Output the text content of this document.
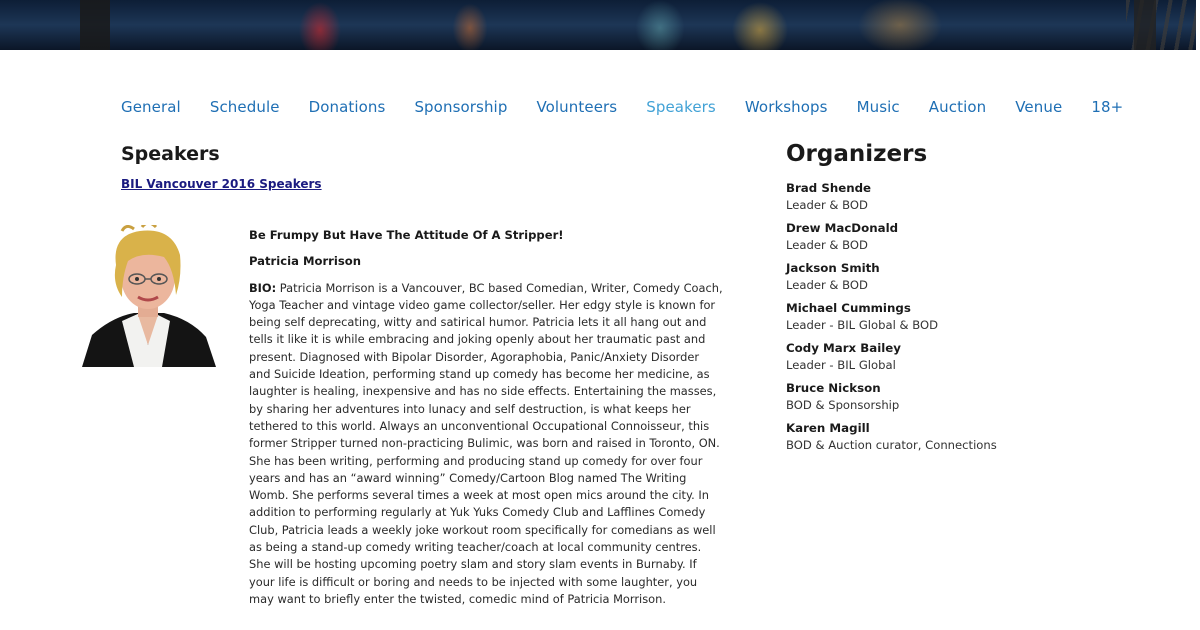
General Schedule Donations Sponsorship Volunteers Speakers Workshops Music Auction Venue 18+
Speakers
BIL Vancouver 2016 Speakers

Be Frumpy But Have The Attitude Of A Stripper!

Patricia Morrison

BIO: Patricia Morrison is a Vancouver, BC based Comedian, Writer, Comedy Coach, Yoga Teacher and vintage video game collector/seller. Her edgy style is known for being self deprecating, witty and satirical humor. Patricia lets it all hang out and tells it like it is while embracing and joking openly about her traumatic past and present. Diagnosed with Bipolar Disorder, Agoraphobia, Panic/Anxiety Disorder and Suicide Ideation, performing stand up comedy has become her medicine, as laughter is healing, inexpensive and has no side effects. Entertaining the masses, by sharing her adventures into lunacy and self destruction, is what keeps her tethered to this world. Always an unconventional Occupational Connoisseur, this former Stripper turned non-practicing Bulimic, was born and raised in Toronto, ON. She has been writing, performing and producing stand up comedy for over four years and has an “award winning” Comedy/Cartoon Blog named The Writing Womb. She performs several times a week at most open mics around the city. In addition to performing regularly at Yuk Yuks Comedy Club and Lafflines Comedy Club, Patricia leads a weekly joke workout room specifically for comedians as well as being a stand-up comedy writing teacher/coach at local community centres. She will be hosting upcoming poetry slam and story slam events in Burnaby. If your life is difficult or boring and needs to be injected with some laughter, you may want to briefly enter the twisted, comedic mind of Patricia Morrison.

Organizers
Brad Shende
Leader & BOD
Drew MacDonald
Leader & BOD
Jackson Smith
Leader & BOD
Michael Cummings
Leader - BIL Global & BOD
Cody Marx Bailey
Leader - BIL Global
Bruce Nickson
BOD & Sponsorship
Karen Magill
BOD & Auction curator, Connections
